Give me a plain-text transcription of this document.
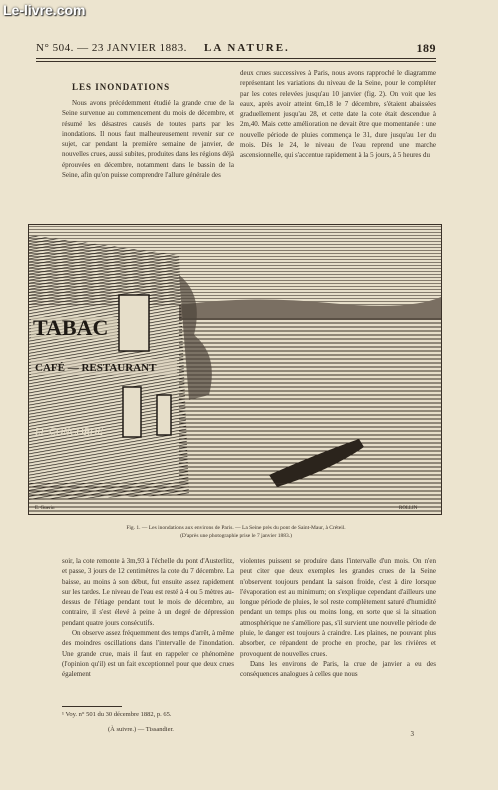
Le-livre.com
N° 504. — 23 JANVIER 1883. LA NATURE.	189
LES INONDATIONS

Nous avons précédemment étudié la grande crue de la Seine survenue au commencement du mois de décembre, et résumé les désastres causés de toutes parts par les inondations. Il nous faut malheureusement revenir sur ce sujet, car pendant la première semaine de janvier, de nouvelles crues, aussi subites, produites dans les régions déjà éprouvées en décembre, notamment dans le bassin de la Seine, afin qu'on puisse comprendre l'allure générale des

deux crues successives à Paris, nous avons rapproché le diagramme représentant les variations du niveau de la Seine, pour le compléter par les cotes relevées jusqu'au 10 janvier (fig. 2). On voit que les eaux, après avoir atteint 6m,18 le 7 décembre, s'étaient abaissées graduellement jusqu'au 28, et cette date la cote était descendue à 2m,40. Mais cette amélioration ne devait être que momentanée : une nouvelle période de pluies commença le 31, dure jusqu'au 1er du mois. Dès le 24, le niveau de l'eau reprend une marche ascensionnelle, qui s'accentue rapidement à la 5 jours, à 5 heures du

TABAC
CAFÉ — RESTAURANT
LE CONCORDE
E. Guerin	ROLLIN
Fig. 1. — Les inondations aux environs de Paris. — La Seine près du pont de Saint-Maur, à Créteil.
(D'après une photographie prise le 7 janvier 1883.)

soir, la cote remonte à 3m,93 à l'échelle du pont d'Austerlitz, et passe, 3 jours de 12 centimètres la cote du 7 décembre. La baisse, au moins à son début, fut ensuite assez rapidement sur les tardes. Le niveau de l'eau est resté à 4 ou 5 mètres au-dessus de l'étiage pendant tout le mois de décembre, au contraire, il s'est élevé à peine à un degré de dépression pendant quatre jours consécutifs.

On observe assez fréquemment des temps d'arrêt, à même des moindres oscillations dans l'intervalle de l'inondation. Une grande crue, mais il faut en rappeler ce phénomène (l'opinion qu'il) est un fait exceptionnel pour que deux crues également

violentes puissent se produire dans l'intervalle d'un mois. On n'en peut citer que deux exemples les grandes crues de la Seine n'observent toujours pendant la saison froide, c'est à dire lorsque l'évaporation est au minimum; on s'explique cependant d'ailleurs une longue période de pluies, le sol reste complètement saturé d'humidité pendant un temps plus ou moins long, en sorte que si la situation atmosphérique ne s'améliore pas, s'il survient une nouvelle période de pluie, le danger est toujours à craindre. Les plaines, ne pouvant plus absorber, ce répandent de proche en proche, par les rivières et provoquent de nouvelles crues.

Dans les environs de Paris, la crue de janvier a eu des conséquences analogues à celles que nous

¹ Voy. n° 501 du 30 décembre 1882, p. 65.
(À suivre.) — Tissandier.
3
